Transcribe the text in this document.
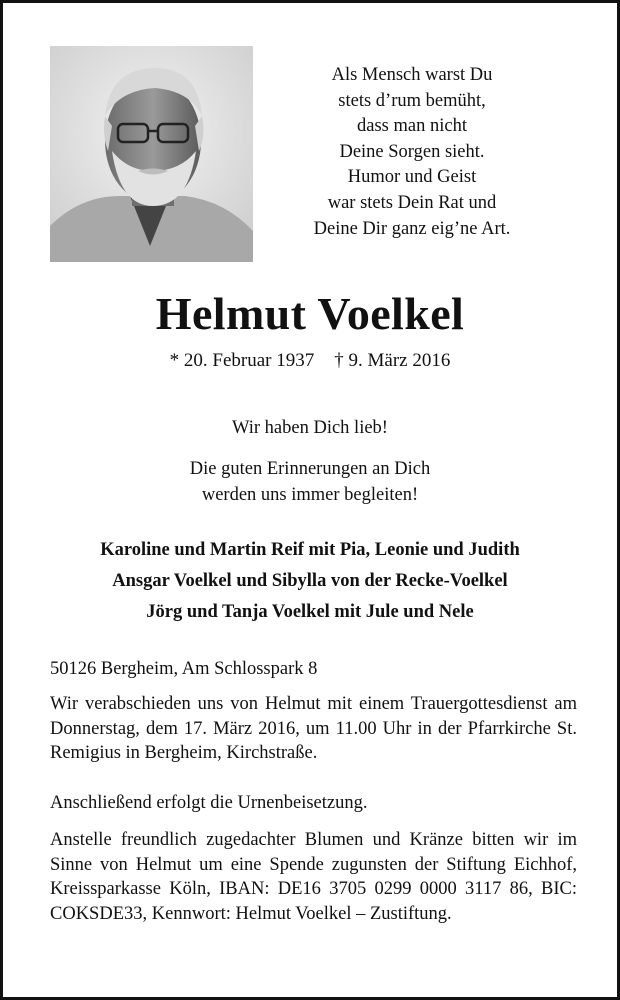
Als Mensch warst Du
stets d’rum bemüht,
dass man nicht
Deine Sorgen sieht.
Humor und Geist
war stets Dein Rat und
Deine Dir ganz eig’ne Art.
Helmut Voelkel
* 20. Februar 1937 † 9. März 2016
Wir haben Dich lieb!
Die guten Erinnerungen an Dich
werden uns immer begleiten!
Karoline und Martin Reif mit Pia, Leonie und Judith
Ansgar Voelkel und Sibylla von der Recke-Voelkel
Jörg und Tanja Voelkel mit Jule und Nele
50126 Bergheim, Am Schlosspark 8
Wir verabschieden uns von Helmut mit einem Trauergottesdienst am Donnerstag, dem 17. März 2016, um 11.00 Uhr in der Pfarrkirche St. Remigius in Bergheim, Kirchstraße.
Anschließend erfolgt die Urnenbeisetzung.
Anstelle freundlich zugedachter Blumen und Kränze bitten wir im Sinne von Helmut um eine Spende zugunsten der Stiftung Eichhof, Kreissparkasse Köln, IBAN: DE16 3705 0299 0000 3117 86, BIC: COKSDE33, Kennwort: Helmut Voelkel – Zustiftung.
